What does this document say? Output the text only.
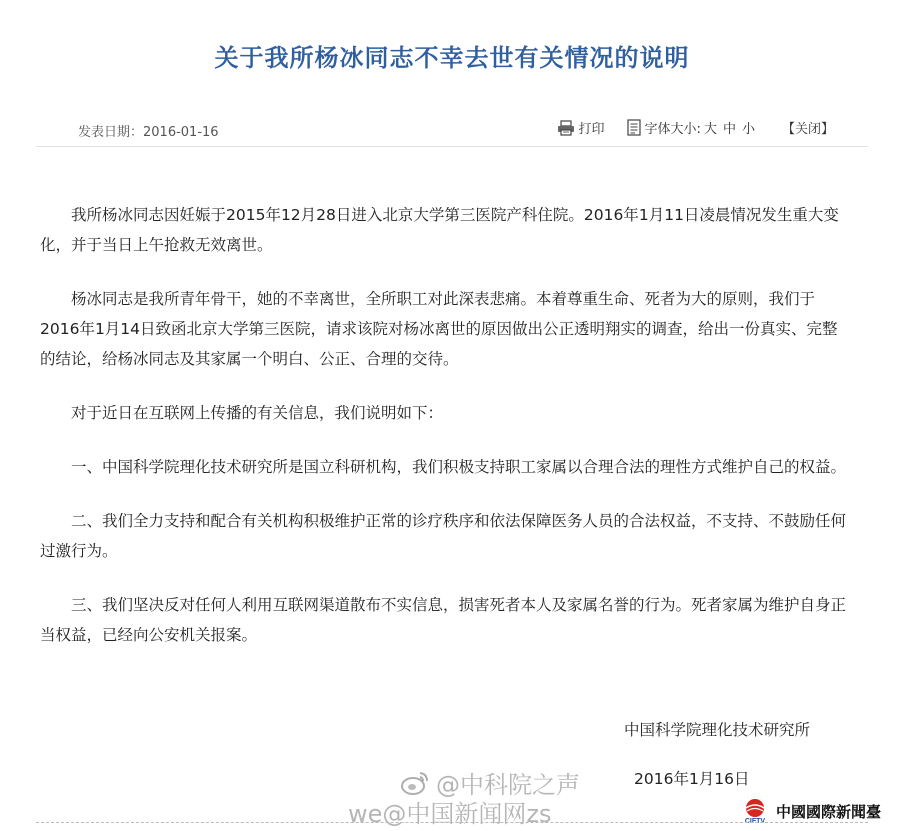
关于我所杨冰同志不幸去世有关情况的说明
发表日期：2016-01-16	打印	字体大小: 大 中 小 【关闭】

我所杨冰同志因妊娠于2015年12月28日进入北京大学第三医院产科住院。2016年1月11日凌晨情况发生重大变化，并于当日上午抢救无效离世。

杨冰同志是我所青年骨干，她的不幸离世，全所职工对此深表悲痛。本着尊重生命、死者为大的原则，我们于2016年1月14日致函北京大学第三医院，请求该院对杨冰离世的原因做出公正透明翔实的调查，给出一份真实、完整的结论，给杨冰同志及其家属一个明白、公正、合理的交待。

对于近日在互联网上传播的有关信息，我们说明如下：

一、中国科学院理化技术研究所是国立科研机构，我们积极支持职工家属以合理合法的理性方式维护自己的权益。

二、我们全力支持和配合有关机构积极维护正常的诊疗秩序和依法保障医务人员的合法权益，不支持、不鼓励任何过激行为。

三、我们坚决反对任何人利用互联网渠道散布不实信息，损害死者本人及家属名誉的行为。死者家属为维护自身正当权益，已经向公安机关报案。

中国科学院理化技术研究所
2016年1月16日
@中科院之声
we@中国新闻网zs	CIFTV
中國國際新聞臺
